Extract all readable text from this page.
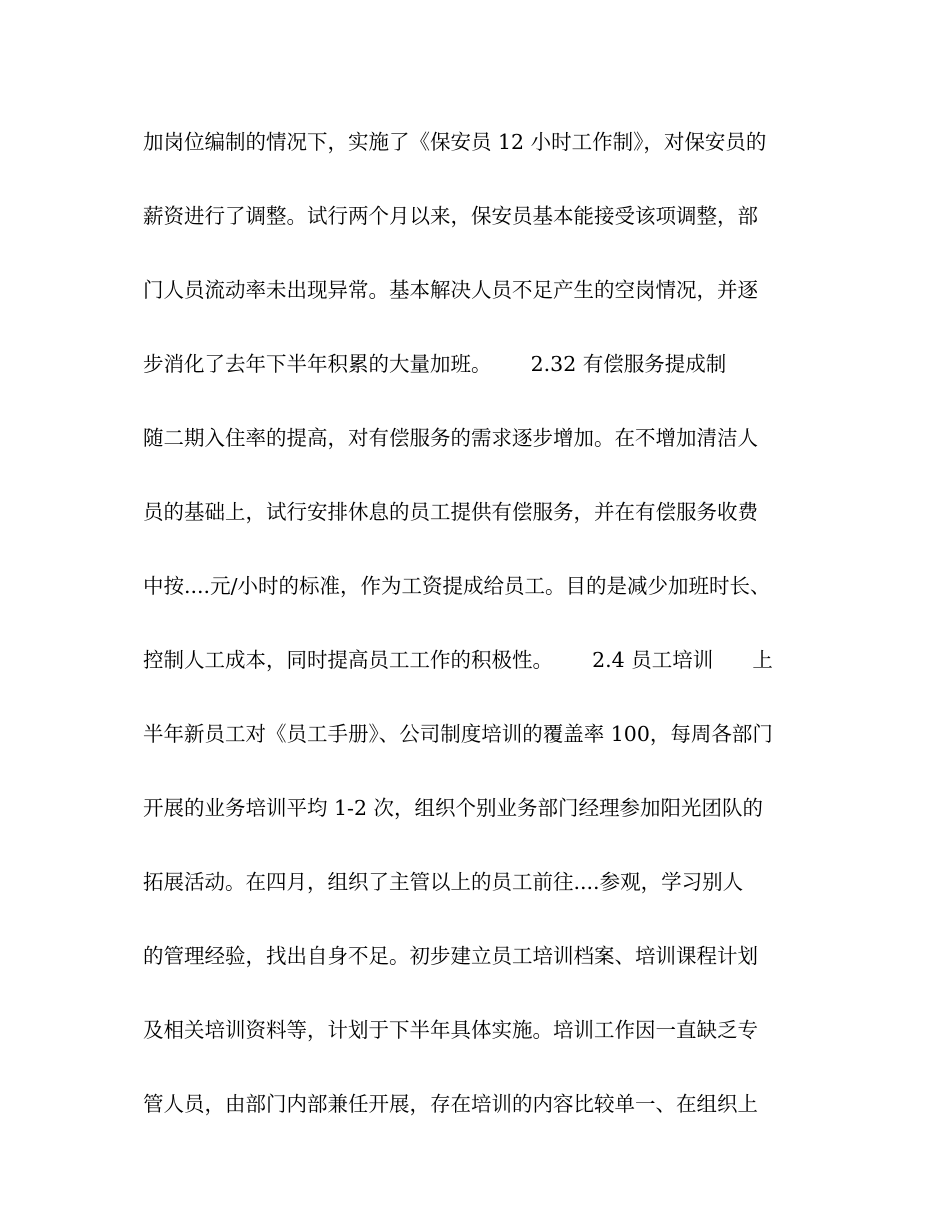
加岗位编制的情况下，实施了《保安员 12 小时工作制》，对保安员的
薪资进行了调整。试行两个月以来，保安员基本能接受该项调整，部
门人员流动率未出现异常。基本解决人员不足产生的空岗情况，并逐
步消化了去年下半年积累的大量加班。      2.32 有偿服务提成制
随二期入住率的提高，对有偿服务的需求逐步增加。在不增加清洁人
员的基础上，试行安排休息的员工提供有偿服务，并在有偿服务收费
中按....元/小时的标准，作为工资提成给员工。目的是减少加班时长、
控制人工成本，同时提高员工工作的积极性。      2.4 员工培训      上
半年新员工对《员工手册》、公司制度培训的覆盖率 100，每周各部门
开展的业务培训平均 1-2 次，组织个别业务部门经理参加阳光团队的
拓展活动。在四月，组织了主管以上的员工前往....参观，学习别人
的管理经验，找出自身不足。初步建立员工培训档案、培训课程计划
及相关培训资料等，计划于下半年具体实施。培训工作因一直缺乏专
管人员，由部门内部兼任开展，存在培训的内容比较单一、在组织上
